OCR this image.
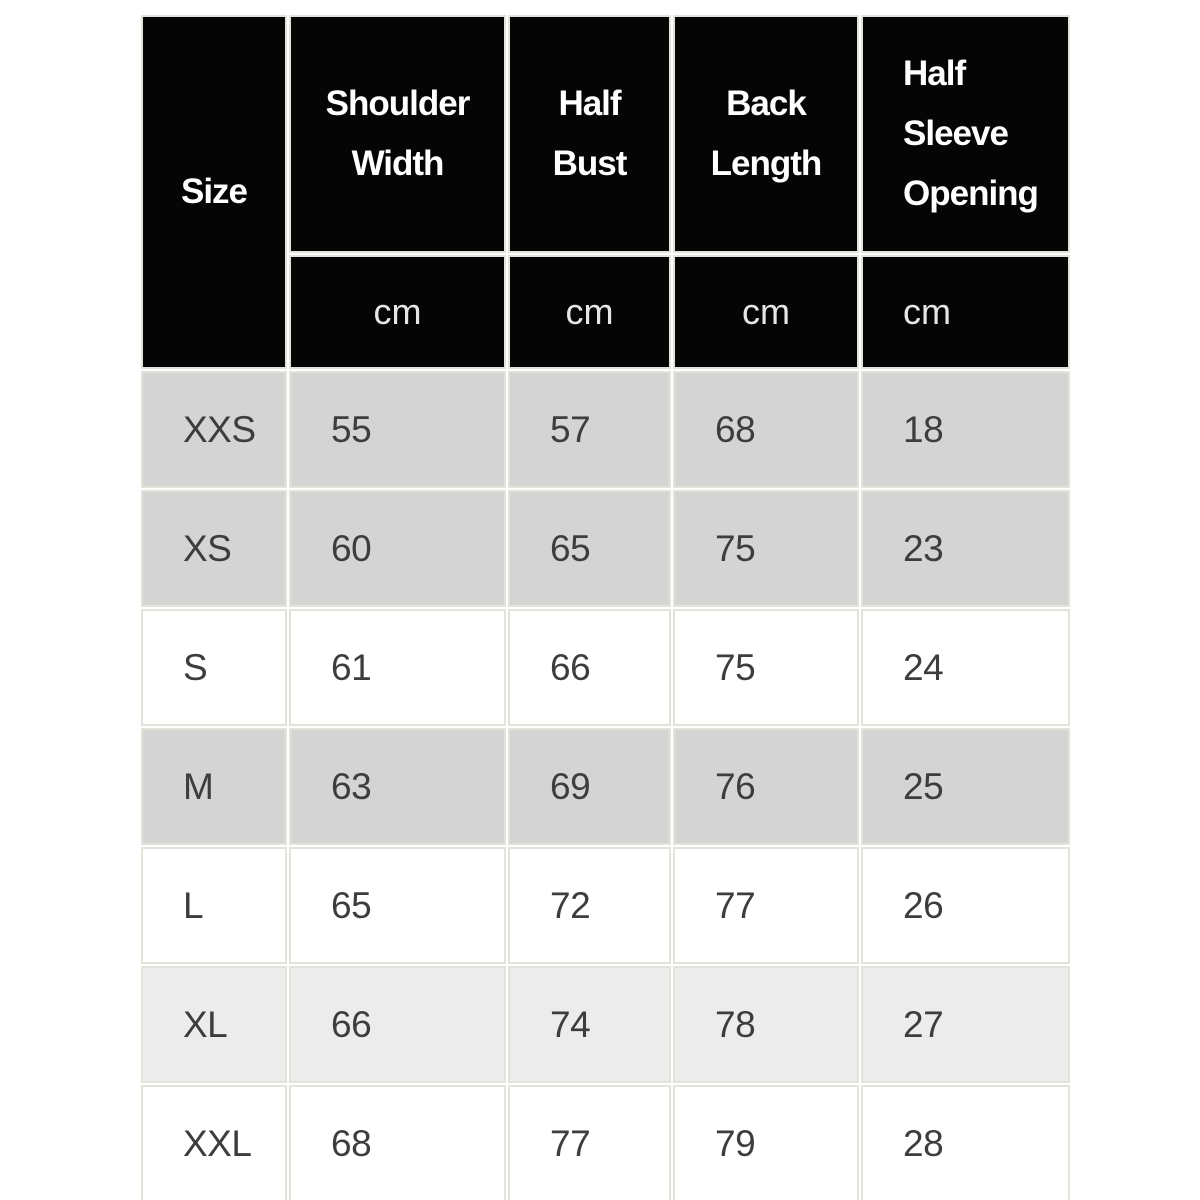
Size	Shoulder Width	Half Bust	Back Length	Half Sleeve Opening
	cm	cm	cm	cm
XXS	55	57	68	18
XS	60	65	75	23
S	61	66	75	24
M	63	69	76	25
L	65	72	77	26
XL	66	74	78	27
XXL	68	77	79	28
